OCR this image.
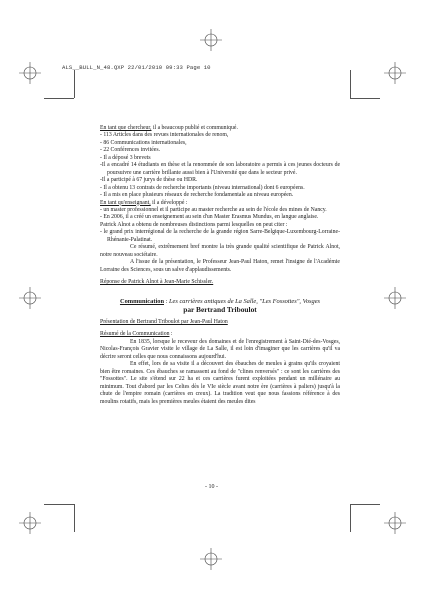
ALS__BULL_N_48.QXP 22/01/2010 09:33 Page 10

En tant que chercheur, il a beaucoup publié et communiqué.

- 113 Articles dans des revues internationales de renom,

- 86 Communications internationales,

- 22 Conférences invitées.

- Il a déposé 3 brevets

-Il a encadré 14 étudiants en thèse et la renommée de son laboratoire a permis à ces jeunes docteurs de poursuivre une carrière brillante aussi bien à l'Université que dans le secteur privé.

-Il a participé à 67 jurys de thèse ou HDR.

- Il a obtenu 13 contrats de recherche importants (niveau international) dont 6 européens.

- Il a mis en place plusieurs réseaux de recherche fondamentale au niveau européen.

En tant qu'enseignant, il a développé :

- un master professionnel et il participe au master recherche au sein de l'école des mines de Nancy.

- En 2006, il a créé un enseignement au sein d'un Master Erasmus Mundus, en langue anglaise.

Patrick Alnot a obtenu de nombreuses distinctions parmi lesquelles on peut citer :

- le grand prix interrégional de la recherche de la grande région Sarre-Belgique-Luxembourg-Lorraine-Rhénanie-Palatinat.

Ce résumé, extrêmement bref montre la très grande qualité scientifique de Patrick Alnot, notre nouveau sociétaire.

A l'issue de la présentation, le Professeur Jean-Paul Haton, remet l'insigne de l'Académie Lorraine des Sciences, sous un salve d'applaudissements.

Réponse de Patrick Alnot à Jean-Marie Schissler.

Communication : Les carrières antiques de La Salle, "Les Fossottes", Vosges

par Bertrand Triboulot

Présentation de Bertrand Triboulot par Jean-Paul Haton

Résumé de la Communication :

En 1835, lorsque le receveur des domaines et de l'enregistrement à Saint-Dié-des-Vosges, Nicolas-François Gravier visite le village de La Salle, il est loin d'imaginer que les carrières qu'il va décrire seront celles que nous connaissons aujourd'hui.

En effet, lors de sa visite il a découvert des ébauches de meules à grains qu'ils croyaient bien être romaines. Ces ébauches se ramassent au fond de "clines renversés" : ce sont les carrières des "Fossottes". Le site s'étend sur 22 ha et ces carrières furent exploitées pendant un millénaire au minimum. Tout d'abord par les Celtes dès le VIe siècle avant notre ère (carrières à paliers) jusqu'à la chute de l'empire romain (carrières en creux). La tradition veut que nous fassions référence à des moulins rotatifs, mais les premières meules étaient des meules dites

- 10 -
